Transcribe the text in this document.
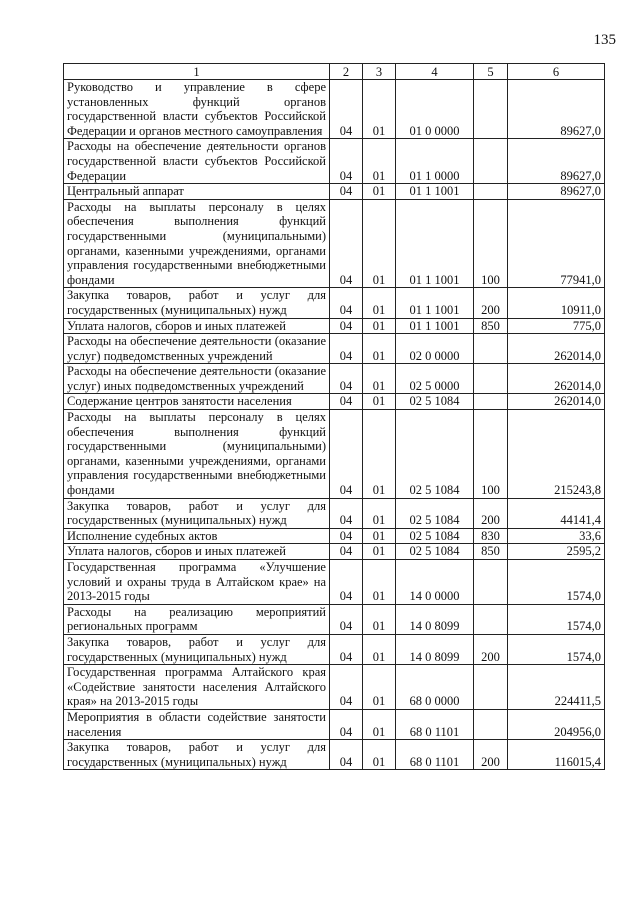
135
1	2	3	4	5	6
Руководство и управление в сфере установленных функций органов государственной власти субъектов Российской Федерации и органов местного самоуправления	04	01	01 0 0000		89627,0
Расходы на обеспечение деятельности органов государственной власти субъектов Российской Федерации	04	01	01 1 0000		89627,0
Центральный аппарат	04	01	01 1 1001		89627,0
Расходы на выплаты персоналу в целях обеспечения выполнения функций государственными (муниципальными) органами, казенными учреждениями, органами управления государственными внебюджетными фондами	04	01	01 1 1001	100	77941,0
Закупка товаров, работ и услуг для государственных (муниципальных) нужд	04	01	01 1 1001	200	10911,0
Уплата налогов, сборов и иных платежей	04	01	01 1 1001	850	775,0
Расходы на обеспечение деятельности (оказание услуг) подведомственных учреждений	04	01	02 0 0000		262014,0
Расходы на обеспечение деятельности (оказание услуг) иных подведомственных учреждений	04	01	02 5 0000		262014,0
Содержание центров занятости населения	04	01	02 5 1084		262014,0
Расходы на выплаты персоналу в целях обеспечения выполнения функций государственными (муниципальными) органами, казенными учреждениями, органами управления государственными внебюджетными фондами	04	01	02 5 1084	100	215243,8
Закупка товаров, работ и услуг для государственных (муниципальных) нужд	04	01	02 5 1084	200	44141,4
Исполнение судебных актов	04	01	02 5 1084	830	33,6
Уплата налогов, сборов и иных платежей	04	01	02 5 1084	850	2595,2
Государственная программа «Улучшение условий и охраны труда в Алтайском крае» на 2013-2015 годы	04	01	14 0 0000		1574,0
Расходы на реализацию мероприятий региональных программ	04	01	14 0 8099		1574,0
Закупка товаров, работ и услуг для государственных (муниципальных) нужд	04	01	14 0 8099	200	1574,0
Государственная программа Алтайского края «Содействие занятости населения Алтайского края» на 2013-2015 годы	04	01	68 0 0000		224411,5
Мероприятия в области содействие занятости населения	04	01	68 0 1101		204956,0
Закупка товаров, работ и услуг для государственных (муниципальных) нужд	04	01	68 0 1101	200	116015,4
